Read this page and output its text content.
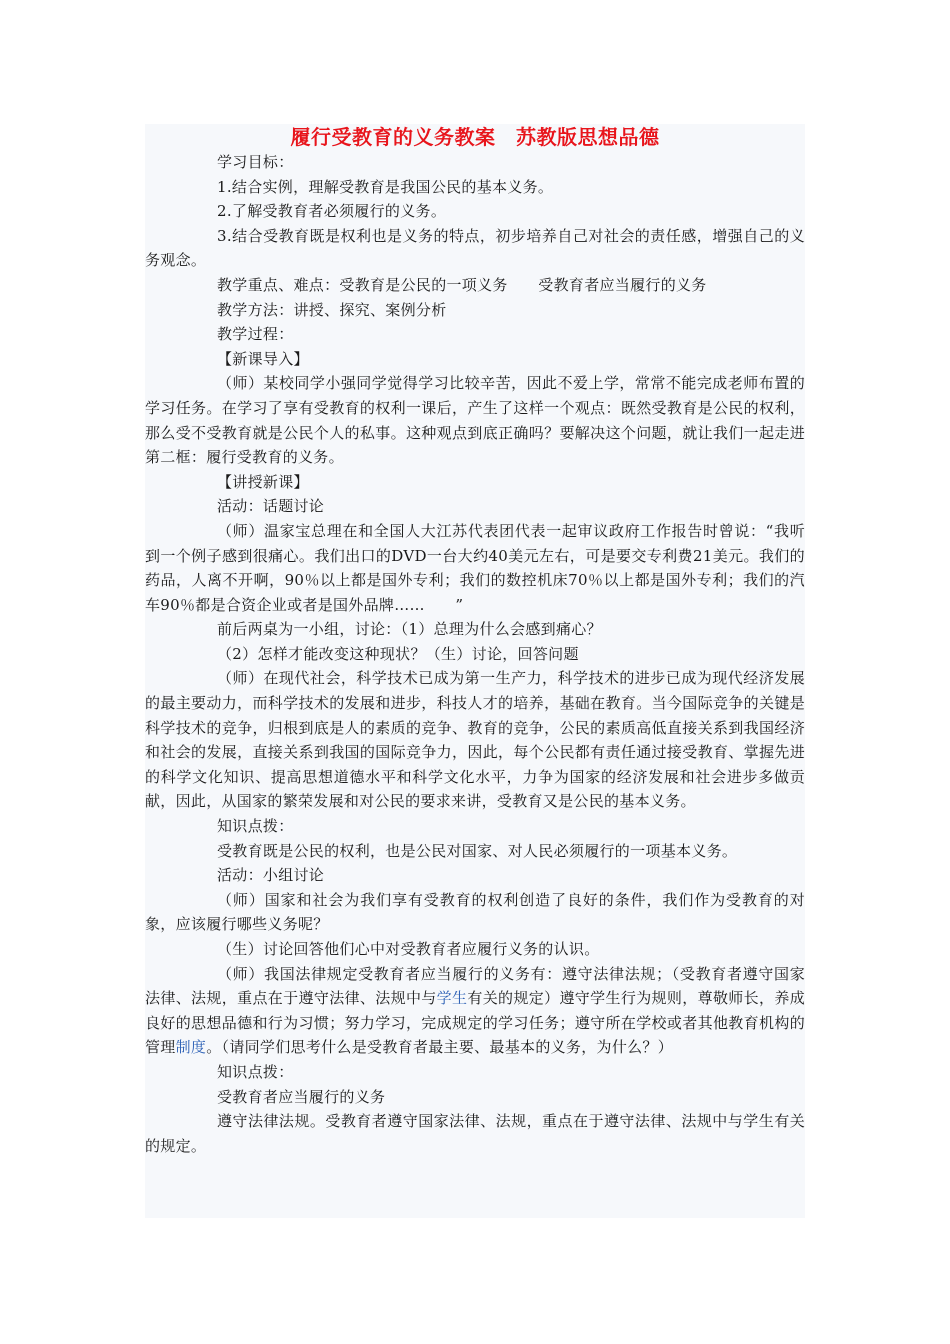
履行受教育的义务教案　苏教版思想品德

学习目标：

1.结合实例，理解受教育是我国公民的基本义务。

2.了解受教育者必须履行的义务。

3.结合受教育既是权利也是义务的特点，初步培养自己对社会的责任感，增强自己的义务观念。

教学重点、难点：受教育是公民的一项义务　　受教育者应当履行的义务

教学方法：讲授、探究、案例分析

教学过程：

【新课导入】

（师）某校同学小强同学觉得学习比较辛苦，因此不爱上学，常常不能完成老师布置的学习任务。在学习了享有受教育的权利一课后，产生了这样一个观点：既然受教育是公民的权利，那么受不受教育就是公民个人的私事。这种观点到底正确吗？要解决这个问题，就让我们一起走进第二框：履行受教育的义务。

【讲授新课】

活动：话题讨论

（师）温家宝总理在和全国人大江苏代表团代表一起审议政府工作报告时曾说：“我听到一个例子感到很痛心。我们出口的DVD一台大约40美元左右，可是要交专利费21美元。我们的药品，人离不开啊，90％以上都是国外专利；我们的数控机床70％以上都是国外专利；我们的汽车90％都是合资企业或者是国外品牌……　　”

前后两桌为一小组，讨论：（1）总理为什么会感到痛心？

（2）怎样才能改变这种现状？（生）讨论，回答问题

（师）在现代社会，科学技术已成为第一生产力，科学技术的进步已成为现代经济发展的最主要动力，而科学技术的发展和进步，科技人才的培养，基础在教育。当今国际竞争的关键是科学技术的竞争，归根到底是人的素质的竞争、教育的竞争，公民的素质高低直接关系到我国经济和社会的发展，直接关系到我国的国际竞争力，因此，每个公民都有责任通过接受教育、掌握先进的科学文化知识、提高思想道德水平和科学文化水平，力争为国家的经济发展和社会进步多做贡献，因此，从国家的繁荣发展和对公民的要求来讲，受教育又是公民的基本义务。

知识点拨：

受教育既是公民的权利，也是公民对国家、对人民必须履行的一项基本义务。

活动：小组讨论

（师）国家和社会为我们享有受教育的权利创造了良好的条件，我们作为受教育的对象，应该履行哪些义务呢？

（生）讨论回答他们心中对受教育者应履行义务的认识。

（师）我国法律规定受教育者应当履行的义务有：遵守法律法规；（受教育者遵守国家法律、法规，重点在于遵守法律、法规中与学生有关的规定）遵守学生行为规则，尊敬师长，养成良好的思想品德和行为习惯；努力学习，完成规定的学习任务；遵守所在学校或者其他教育机构的管理制度。（请同学们思考什么是受教育者最主要、最基本的义务，为什么？）

知识点拨：

受教育者应当履行的义务

遵守法律法规。受教育者遵守国家法律、法规，重点在于遵守法律、法规中与学生有关的规定。
